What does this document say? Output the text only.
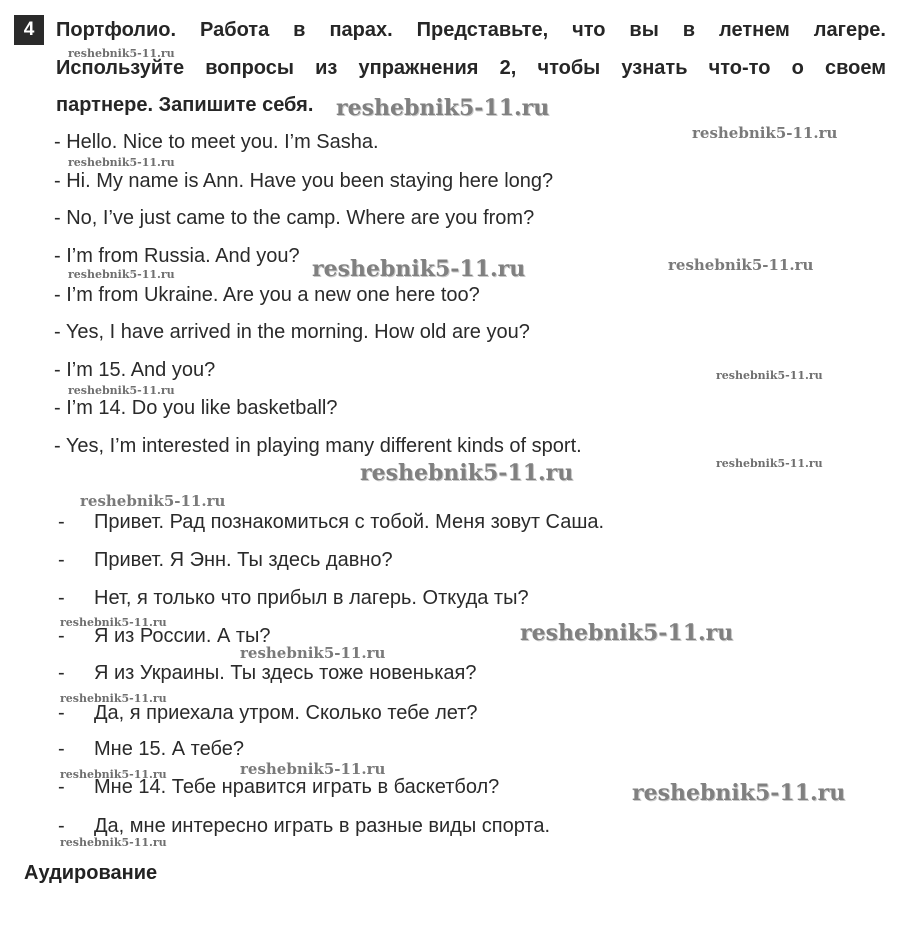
4	Портфолио. Работа в парах. Представьте, что вы в летнем лагере.
Используйте вопросы из упражнения 2, чтобы узнать что-то о своем
партнере. Запишите себя.
- Hello. Nice to meet you. I’m Sasha.
- Hi. My name is Ann. Have you been staying here long?
- No, I’ve just came to the camp. Where are you from?
- I’m from Russia. And you?
- I’m from Ukraine. Are you a new one here too?
- Yes, I have arrived in the morning. How old are you?
- I’m 15. And you?
- I’m 14. Do you like basketball?
- Yes, I’m interested in playing many different kinds of sport.
- Привет. Рад познакомиться с тобой. Меня зовут Саша.
- Привет. Я Энн. Ты здесь давно?
- Нет, я только что прибыл в лагерь. Откуда ты?
- Я из России. А ты?
- Я из Украины. Ты здесь тоже новенькая?
- Да, я приехала утром. Сколько тебе лет?
- Мне 15. А тебе?
- Мне 14. Тебе нравится играть в баскетбол?
- Да, мне интересно играть в разные виды спорта.
Аудирование
reshebnik5-11.ru
reshebnik5-11.ru
reshebnik5-11.ru
reshebnik5-11.ru
reshebnik5-11.ru	reshebnik5-11.ru
reshebnik5-11.ru
reshebnik5-11.ru
reshebnik5-11.ru
reshebnik5-11.ru
reshebnik5-11.ru
reshebnik5-11.ru
reshebnik5-11.ru	reshebnik5-11.ru
reshebnik5-11.ru
reshebnik5-11.ru
reshebnik5-11.ru
reshebnik5-11.ru
reshebnik5-11.ru
reshebnik5-11.ru
